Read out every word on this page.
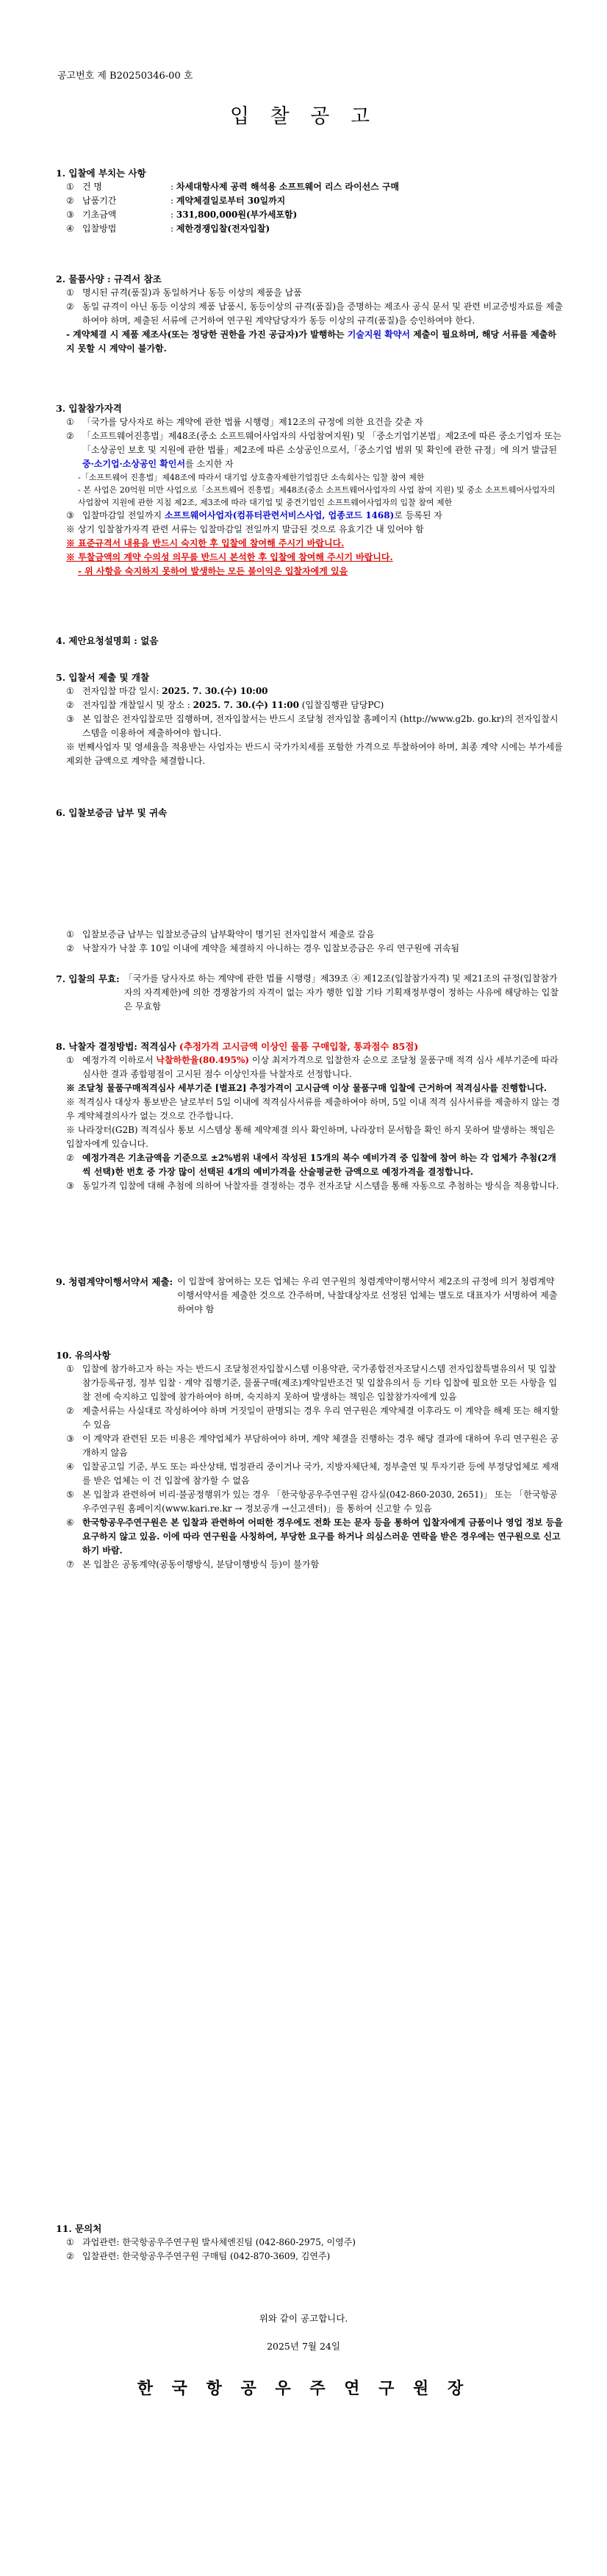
공고번호 제 B20250346-00 호
입 찰 공 고
1. 입찰에 부치는 사항
① 건 명	: 차세대항사제 공력 해석용 소프트웨어 리스 라이선스 구매
② 납품기간	: 계약체결일로부터 30일까지
③ 기초금액	: 331,800,000원(부가세포함)
④ 입찰방법	: 제한경쟁입찰(전자입찰)
2. 물품사양 : 규격서 참조
① 명시된 규격(품질)과 동일하거나 동등 이상의 제품을 납품
② 동일 규격이 아닌 동등 이상의 제품 납품시, 동등이상의 규격(품질)을 증명하는 제조사 공식 문서 및 관련 비교증빙자료를 제출 하여야 하며, 제출된 서류에 근거하여 연구원 계약담당자가 동등 이상의 규격(품질)을 승인하여야 한다.
- 계약체결 시 제품 제조사(또는 정당한 권한을 가진 공급자)가 발행하는 기술지원 확약서 제출이 필요하며, 해당 서류를 제출하지 못할 시 계약이 불가함.
3. 입찰참가자격
① 「국가를 당사자로 하는 계약에 관한 법률 시행령」제12조의 규정에 의한 요건을 갖춘 자
② 「소프트웨어진흥법」제48조(중소 소프트웨어사업자의 사업참여지원) 및 「중소기업기본법」제2조에 따른 중소기업자 또는「소상공인 보호 및 지원에 관한 법률」제2조에 따른 소상공인으로서,「중소기업 범위 및 확인에 관한 규정」에 의거 발급된 중·소기업·소상공인 확인서를 소지한 자
-「소프트웨어 진흥법」제48조에 따라서 대기업 상호출자제한기업집단 소속회사는 입찰 참여 제한
- 본 사업은 20억원 미만 사업으로「소프트웨어 진흥법」제48조(중소 소프트웨어사업자의 사업 참여 지원) 및 중소 소프트웨어사업자의 사업참여 지원에 관한 지침 제2조, 제3조에 따라 대기업 및 중견기업인 소프트웨어사업자의 입찰 참여 제한
③ 입찰마감일 전일까지 소프트웨어사업자(컴퓨터관련서비스사업, 업종코드 1468)로 등록된 자
※ 상기 입찰참가자격 관련 서류는 입찰마감일 전일까지 발급된 것으로 유효기간 내 있어야 함
※ 표준규격서 내용을 반드시 숙지한 후 입찰에 참여해 주시기 바랍니다.
※ 투찰금액의 계약 수의성 의무를 반드시 본석한 후 입찰에 참여해 주시기 바랍니다.
- 위 사항을 숙지하지 못하여 발생하는 모든 불이익은 입찰자에게 있음
4. 제안요청설명회 : 없음
5. 입찰서 제출 및 개찰
① 전자입찰 마감 일시: 2025. 7. 30.(수) 10:00
② 전자입찰 개찰일시 및 장소 : 2025. 7. 30.(수) 11:00 (입찰집행관 담당PC)
③ 본 입찰은 전자입찰로만 집행하며, 전자입찰서는 반드시 조달청 전자입찰 홈페이지 (http://www.g2b. go.kr)의 전자입찰시스템을 이용하여 제출하여야 합니다.
※ 번째사업자 및 영세율을 적용받는 사업자는 반드시 국가가치세를 포함한 가격으로 투찰하여야 하며, 최종 계약 시에는 부가세를 제외한 금액으로 계약을 체결합니다.
6. 입찰보증금 납부 및 귀속
① 입찰보증금 납부는 입찰보증금의 납부확약이 명기된 전자입찰서 제출로 갈음
② 낙찰자가 낙찰 후 10일 이내에 계약을 체결하지 아니하는 경우 입찰보증금은 우리 연구원에 귀속됨
7. 입찰의 무효: 「국가를 당사자로 하는 계약에 관한 법률 시행령」제39조 ④ 제12조(입찰참가자격) 및 제21조의 규정(입찰참가자의 자격제한)에 의한 경쟁참가의 자격이 없는 자가 행한 입찰 기타 기획재정부령이 정하는 사유에 해당하는 입찰은 무효함
8. 낙찰자 결정방법: 적격심사 (추정가격 고시금액 이상인 물품 구매입찰, 통과점수 85점)
① 예정가격 이하로서 낙찰하한율(80.495%) 이상 최저가격으로 입찰한자 순으로 조달청 물품구매 적격 심사 세부기준에 따라 심사한 결과 종합평점이 고시된 점수 이상인자를 낙찰자로 선정합니다.
※ 조달청 물품구매적격심사 세부기준 [별표2] 추정가격이 고시금액 이상 물품구매 입찰에 근거하여 적격심사를 진행합니다.
※ 적격심사 대상자 통보받은 날로부터 5일 이내에 적격심사서류를 제출하여야 하며, 5일 이내 적격 심사서류를 제출하지 않는 경우 계약체결의사가 없는 것으로 간주합니다.
※ 나라장터(G2B) 적격심사 통보 시스템상 통해 제약제결 의사 확인하며, 나라장터 문서함을 확인 하지 못하여 발생하는 책임은 입찰자에게 있습니다.
② 예정가격은 기초금액을 기준으로 ±2%범위 내에서 작성된 15개의 복수 예비가격 중 입찰에 참여 하는 각 업체가 추첨(2개씩 선택)한 번호 중 가장 많이 선택된 4개의 예비가격을 산술평균한 금액으로 예정가격을 결정합니다.
③ 동일가격 입찰에 대해 추첨에 의하여 낙찰자를 결정하는 경우 전자조달 시스템을 통해 자동으로 추첨하는 방식을 적용합니다.
9. 청렴계약이행서약서 제출: 이 입찰에 참여하는 모든 업체는 우리 연구원의 청렴계약이행서약서 제2조의 규정에 의거 청렴계약이행서약서를 제출한 것으로 간주하며, 낙찰대상자로 선정된 업체는 별도로 대표자가 서명하여 제출하여야 함
10. 유의사항
① 입찰에 참가하고자 하는 자는 반드시 조달청전자입찰시스템 이용약관, 국가종합전자조달시스템 전자입찰특별유의서 및 입찰참가등록규정, 정부 입찰 · 계약 집행기준, 물품구매(제조)계약일반조건 및 입찰유의서 등 기타 입찰에 필요한 모든 사항을 입찰 전에 숙지하고 입찰에 참가하여야 하며, 숙지하지 못하여 발생하는 책임은 입찰참가자에게 있음
② 제출서류는 사실대로 작성하여야 하며 거짓일이 판명되는 경우 우리 연구원은 계약체결 이후라도 이 계약을 해제 또는 해지할 수 있음
③ 이 계약과 관련된 모든 비용은 계약업체가 부담하여야 하며, 계약 체결을 진행하는 경우 해당 결과에 대하여 우리 연구원은 공개하지 않음
④ 입찰공고일 기준, 부도 또는 파산상태, 법정관리 중이거나 국가, 지방자체단체, 정부출연 및 투자기관 등에 부정당업체로 제재를 받은 업체는 이 건 입찰에 참가할 수 없음
⑤ 본 입찰과 관련하여 비리·불공정행위가 있는 경우 「한국항공우주연구원 감사실(042-860-2030, 2651)」 또는 「한국항공우주연구원 홈페이지(www.kari.re.kr → 정보공개 →신고센터)」를 통하여 신고할 수 있음
⑥ 한국항공우주연구원은 본 입찰과 관련하여 어떠한 경우에도 전화 또는 문자 등을 통하여 입찰자에게 금품이나 영업 정보 등을 요구하지 않고 있음. 이에 따라 연구원을 사칭하여, 부당한 요구를 하거나 의심스러운 연락을 받은 경우에는 연구원으로 신고하기 바람.
⑦ 본 입찰은 공동계약(공동이행방식, 분담이행방식 등)이 불가함
11. 문의처
① 과업관련: 한국항공우주연구원 발사체엔진팀 (042-860-2975, 이영주)
② 입찰관련: 한국항공우주연구원 구매팀 (042-870-3609, 김연주)
위와 같이 공고합니다.
2025년 7월 24일
한 국 항 공 우 주 연 구 원 장
